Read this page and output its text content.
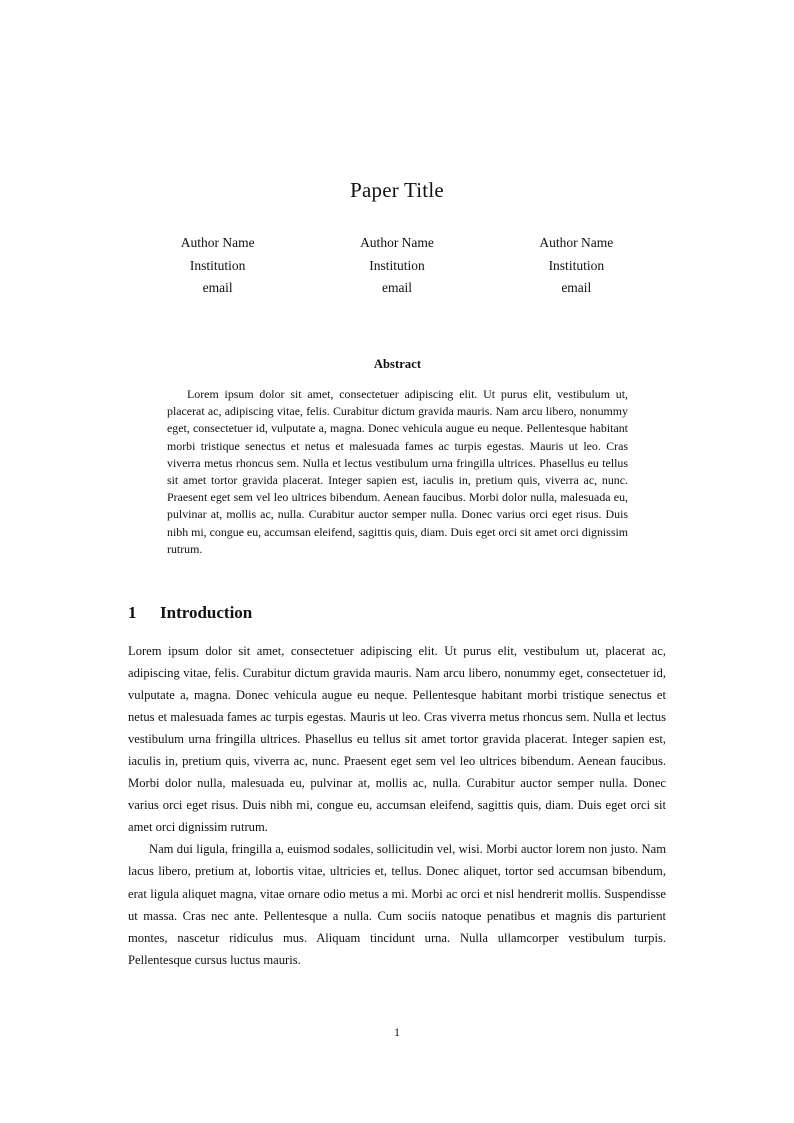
Paper Title
Author Name
Institution
email
Author Name
Institution
email
Author Name
Institution
email
Abstract

Lorem ipsum dolor sit amet, consectetuer adipiscing elit. Ut purus elit, vestibulum ut, placerat ac, adipiscing vitae, felis. Curabitur dictum gravida mauris. Nam arcu libero, nonummy eget, consectetuer id, vulputate a, magna. Donec vehicula augue eu neque. Pellentesque habitant morbi tristique senectus et netus et malesuada fames ac turpis egestas. Mauris ut leo. Cras viverra metus rhoncus sem. Nulla et lectus vestibulum urna fringilla ultrices. Phasellus eu tellus sit amet tortor gravida placerat. Integer sapien est, iaculis in, pretium quis, viverra ac, nunc. Praesent eget sem vel leo ultrices bibendum. Aenean faucibus. Morbi dolor nulla, malesuada eu, pulvinar at, mollis ac, nulla. Curabitur auctor semper nulla. Donec varius orci eget risus. Duis nibh mi, congue eu, accumsan eleifend, sagittis quis, diam. Duis eget orci sit amet orci dignissim rutrum.

1 Introduction

Lorem ipsum dolor sit amet, consectetuer adipiscing elit. Ut purus elit, vestibulum ut, placerat ac, adipiscing vitae, felis. Curabitur dictum gravida mauris. Nam arcu libero, nonummy eget, consectetuer id, vulputate a, magna. Donec vehicula augue eu neque. Pellentesque habitant morbi tristique senectus et netus et malesuada fames ac turpis egestas. Mauris ut leo. Cras viverra metus rhoncus sem. Nulla et lectus vestibulum urna fringilla ultrices. Phasellus eu tellus sit amet tortor gravida placerat. Integer sapien est, iaculis in, pretium quis, viverra ac, nunc. Praesent eget sem vel leo ultrices bibendum. Aenean faucibus. Morbi dolor nulla, malesuada eu, pulvinar at, mollis ac, nulla. Curabitur auctor semper nulla. Donec varius orci eget risus. Duis nibh mi, congue eu, accumsan eleifend, sagittis quis, diam. Duis eget orci sit amet orci dignissim rutrum.

Nam dui ligula, fringilla a, euismod sodales, sollicitudin vel, wisi. Morbi auctor lorem non justo. Nam lacus libero, pretium at, lobortis vitae, ultricies et, tellus. Donec aliquet, tortor sed accumsan bibendum, erat ligula aliquet magna, vitae ornare odio metus a mi. Morbi ac orci et nisl hendrerit mollis. Suspendisse ut massa. Cras nec ante. Pellentesque a nulla. Cum sociis natoque penatibus et magnis dis parturient montes, nascetur ridiculus mus. Aliquam tincidunt urna. Nulla ullamcorper vestibulum turpis. Pellentesque cursus luctus mauris.

1
